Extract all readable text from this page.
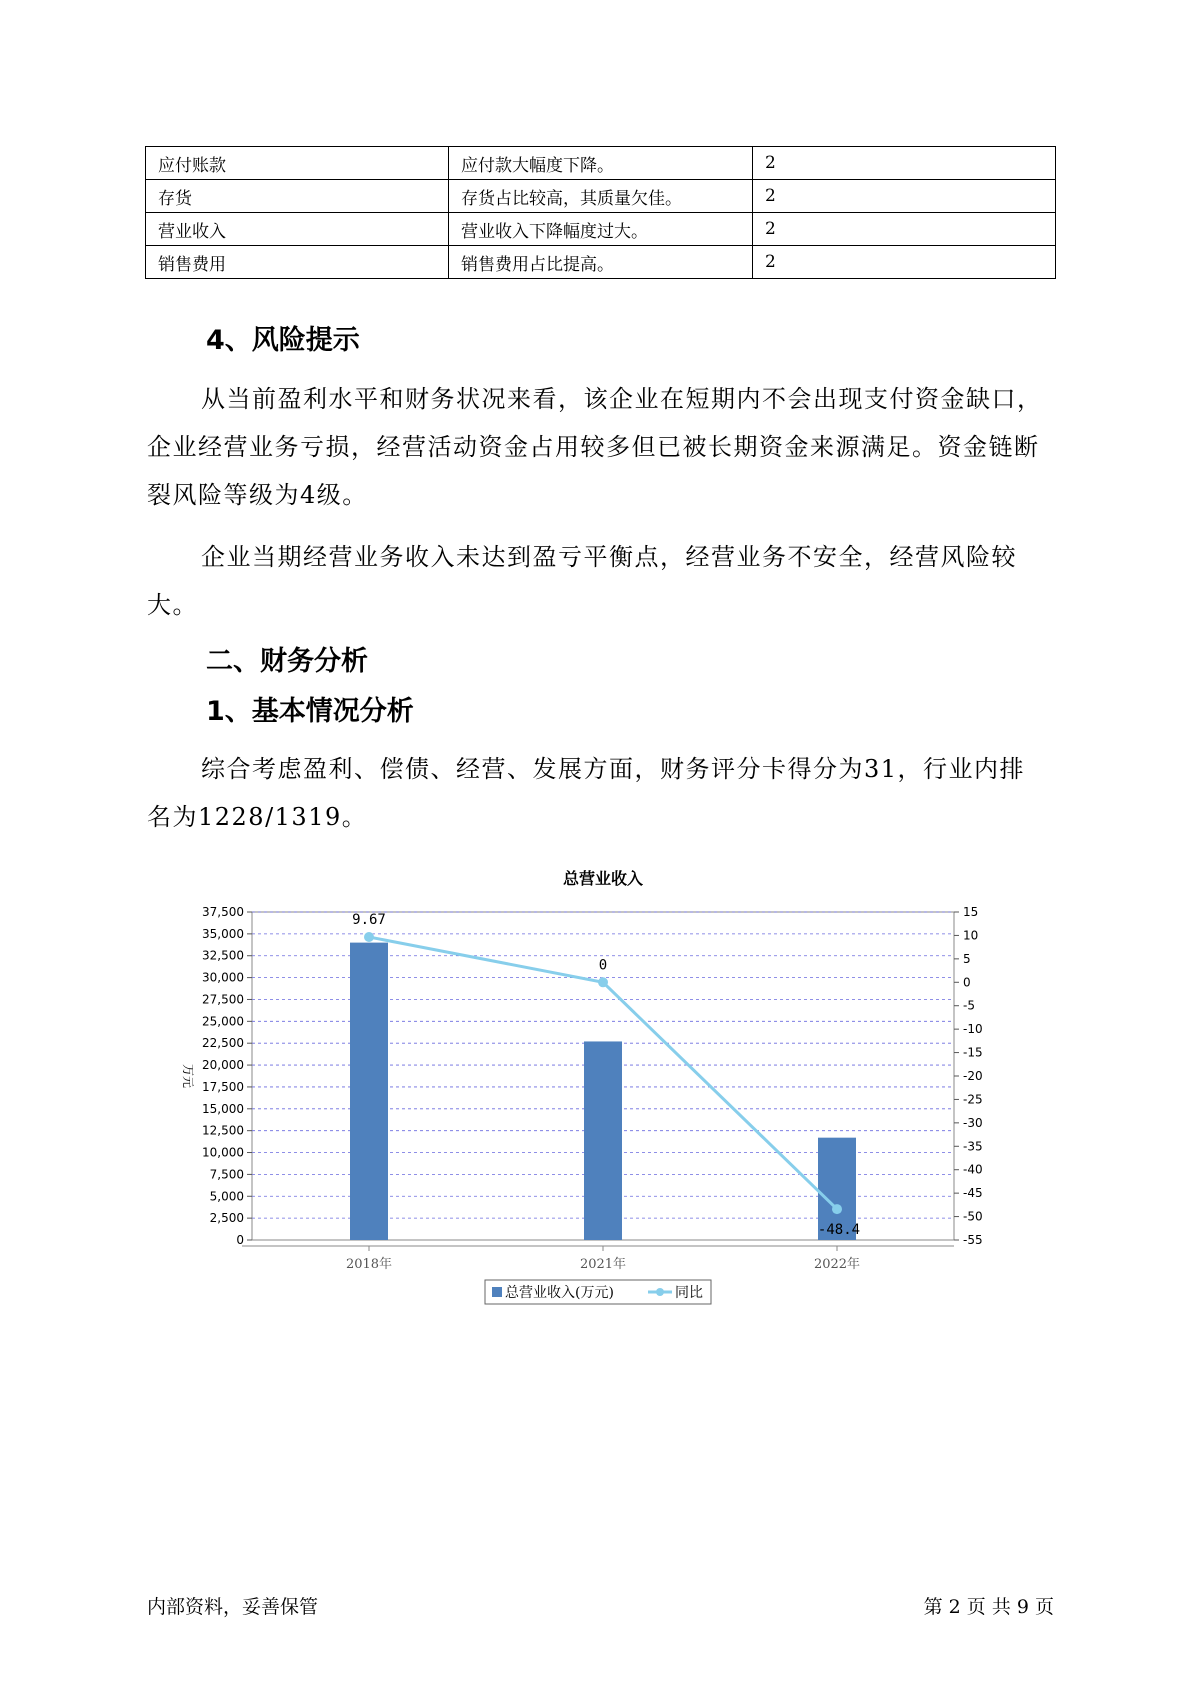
应付账款	应付款大幅度下降。	2
存货	存货占比较高，其质量欠佳。	2
营业收入	营业收入下降幅度过大。	2
销售费用	销售费用占比提高。	2
4、风险提示

从当前盈利水平和财务状况来看，该企业在短期内不会出现支付资金缺口，企业经营业务亏损，经营活动资金占用较多但已被长期资金来源满足。资金链断裂风险等级为4级。

企业当期经营业务收入未达到盈亏平衡点，经营业务不安全，经营风险较大。

二、财务分析
1、基本情况分析

综合考虑盈利、偿债、经营、发展方面，财务评分卡得分为31，行业内排名为1228/1319。

总营业收入
0
2,500
5,000
7,500
10,000
12,500
15,000
17,500
20,000
22,500
25,000
27,500
30,000
32,500
35,000
37,500	15
10
5
0
-5
-10
-15
-20
-25
-30
-35
-40
-45
-50
-55
万元
2018年	2021年	2022年
9.67
0
-48.4
总营业收入(万元)	同比
内部资料，妥善保管	第 2 页 共 9 页
